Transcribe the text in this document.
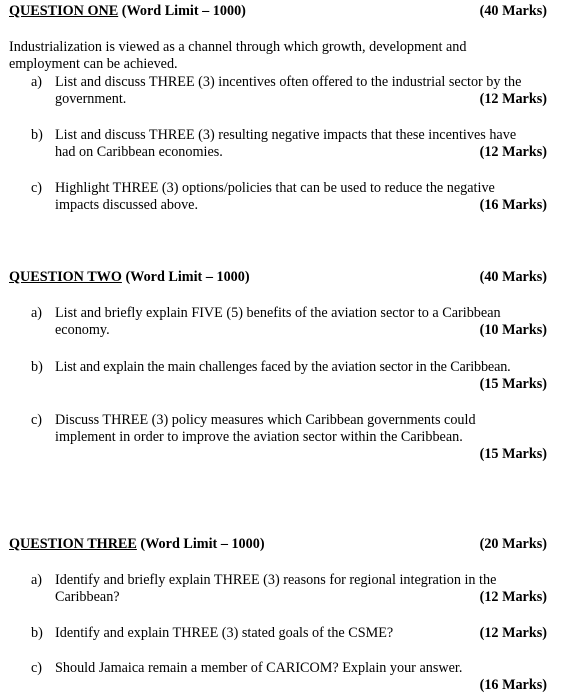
QUESTION ONE (Word Limit – 1000)	(40 Marks)
Industrialization is viewed as a channel through which growth, development and employment can be achieved.
a) List and discuss THREE (3) incentives often offered to the industrial sector by the
government.	(12 Marks)
b) List and discuss THREE (3) resulting negative impacts that these incentives have
had on Caribbean economies.	(12 Marks)
c) Highlight THREE (3) options/policies that can be used to reduce the negative
impacts discussed above.	(16 Marks)
QUESTION TWO (Word Limit – 1000)	(40 Marks)
a) List and briefly explain FIVE (5) benefits of the aviation sector to a Caribbean
economy.	(10 Marks)
b) List and explain the main challenges faced by the aviation sector in the Caribbean.
(15 Marks)
c) Discuss THREE (3) policy measures which Caribbean governments could
implement in order to improve the aviation sector within the Caribbean.
(15 Marks)
QUESTION THREE (Word Limit – 1000)	(20 Marks)
a) Identify and briefly explain THREE (3) reasons for regional integration in the
Caribbean?	(12 Marks)
b) Identify and explain THREE (3) stated goals of the CSME?	(12 Marks)
c) Should Jamaica remain a member of CARICOM? Explain your answer.
(16 Marks)
